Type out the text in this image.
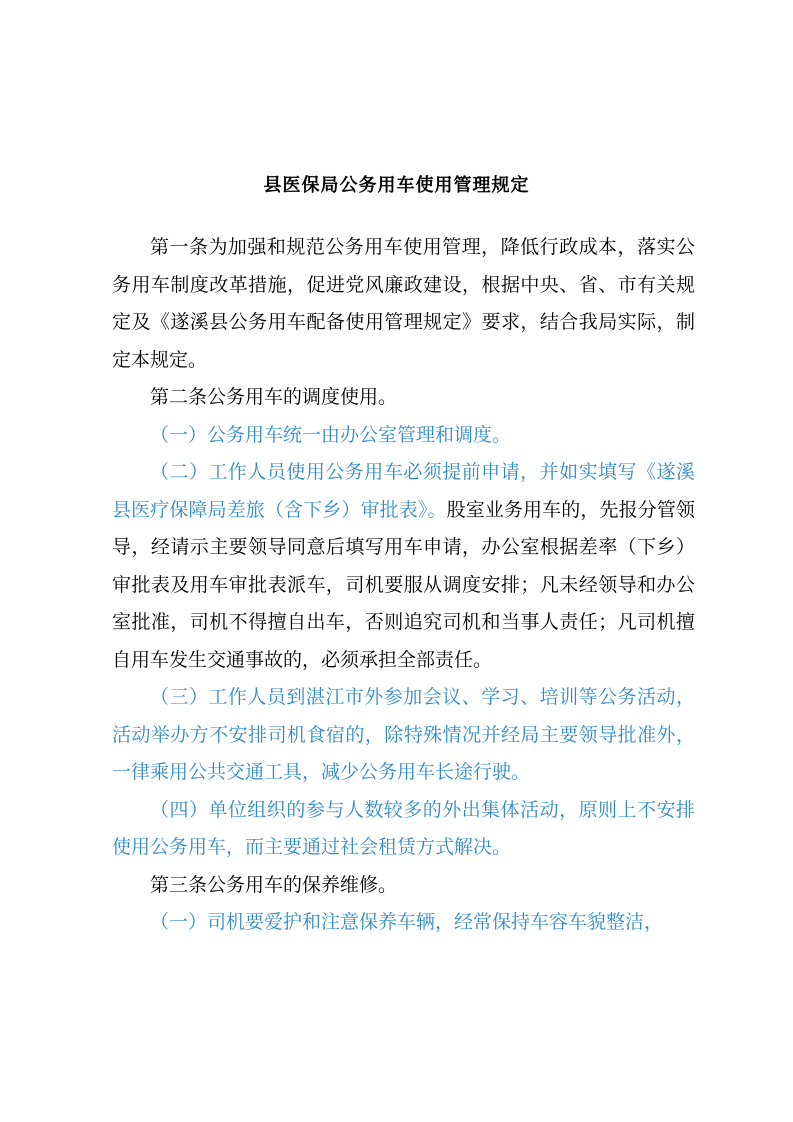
县医保局公务用车使用管理规定

第一条为加强和规范公务用车使用管理，降低行政成本，落实公务用车制度改革措施，促进党风廉政建设，根据中央、省、市有关规定及《遂溪县公务用车配备使用管理规定》要求，结合我局实际，制定本规定。

第二条公务用车的调度使用。

（一）公务用车统一由办公室管理和调度。

（二）工作人员使用公务用车必须提前申请，并如实填写《遂溪县医疗保障局差旅（含下乡）审批表》。股室业务用车的，先报分管领导，经请示主要领导同意后填写用车申请，办公室根据差率（下乡）审批表及用车审批表派车，司机要服从调度安排；凡未经领导和办公室批准，司机不得擅自出车，否则追究司机和当事人责任；凡司机擅自用车发生交通事故的，必须承担全部责任。

（三）工作人员到湛江市外参加会议、学习、培训等公务活动，活动举办方不安排司机食宿的，除特殊情况并经局主要领导批准外，一律乘用公共交通工具，减少公务用车长途行驶。

（四）单位组织的参与人数较多的外出集体活动，原则上不安排使用公务用车，而主要通过社会租赁方式解决。

第三条公务用车的保养维修。

（一）司机要爱护和注意保养车辆，经常保持车容车貌整洁，
